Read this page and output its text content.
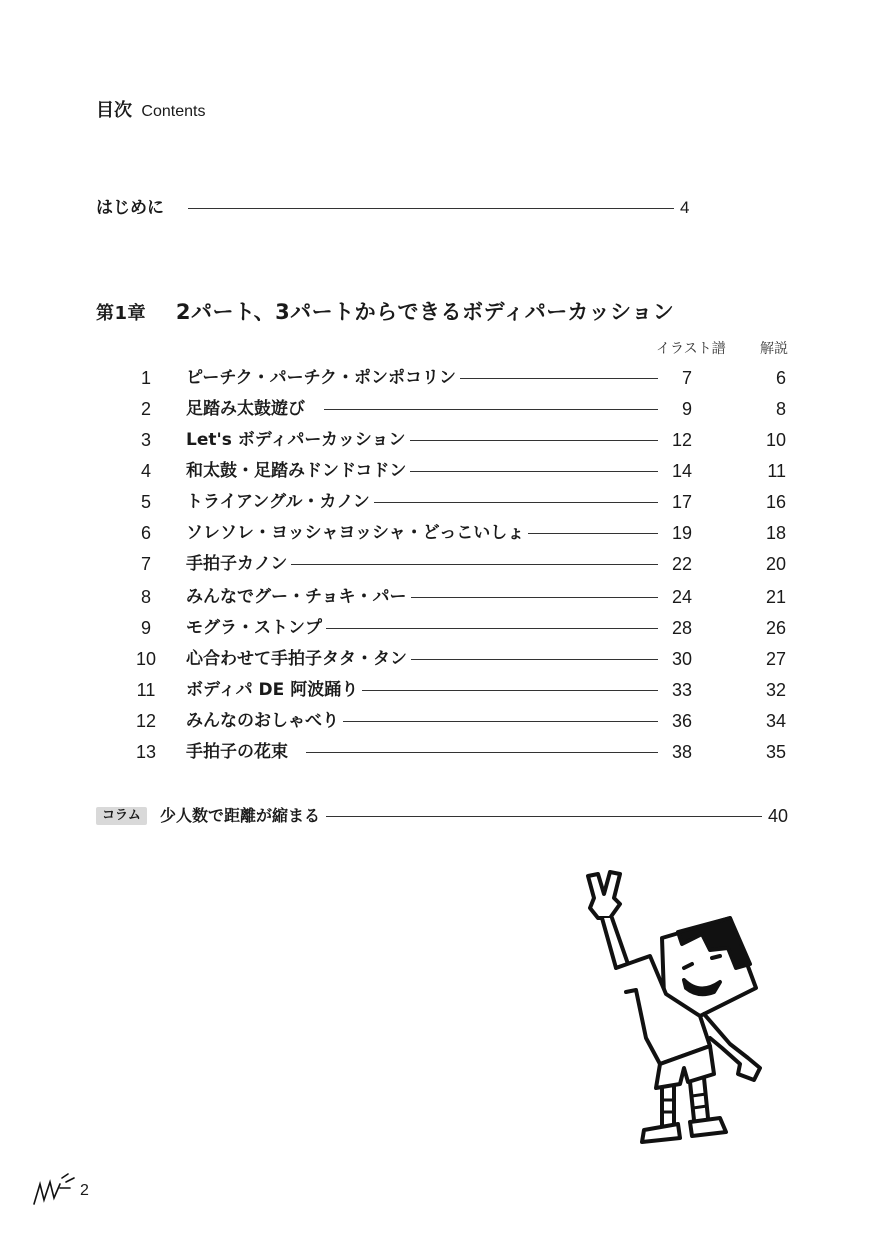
目次 Contents
はじめに	4
第1章 2パート、3パートからできるボディパーカッション
イラスト譜 解説
1	ピーチク・パーチク・ポンポコリン	7	6
2	足踏み太鼓遊び	9	8
3	Let's ボディパーカッション	12	10
4	和太鼓・足踏みドンドコドン	14	11
5	トライアングル・カノン	17	16
6	ソレソレ・ヨッシャヨッシャ・どっこいしょ	19	18
7	手拍子カノン	22	20
8	みんなでグー・チョキ・パー	24	21
9	モグラ・ストンプ	28	26
10	心合わせて手拍子タタ・タン	30	27
11	ボディパ DE 阿波踊り	33	32
12	みんなのおしゃべり	36	34
13	手拍子の花束	38	35
コラム	少人数で距離が縮まる	40
2
